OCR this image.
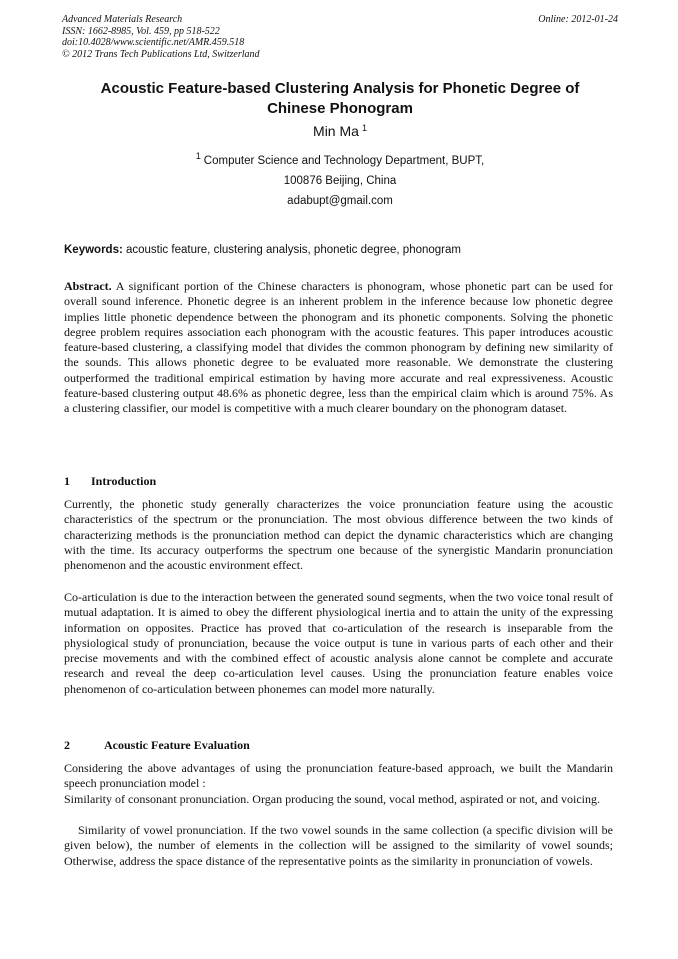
Advanced Materials Research	Online: 2012-01-24
ISSN: 1662-8985, Vol. 459, pp 518-522
doi:10.4028/www.scientific.net/AMR.459.518
© 2012 Trans Tech Publications Ltd, Switzerland
Acoustic Feature-based Clustering Analysis for Phonetic Degree of
Chinese Phonogram
Min Ma $^1$
$^1$ Computer Science and Technology Department, BUPT,
100876 Beijing, China
adabupt@gmail.com
Keywords: acoustic feature, clustering analysis, phonetic degree, phonogram
Abstract. A significant portion of the Chinese characters is phonogram, whose phonetic part can be used for overall sound inference. Phonetic degree is an inherent problem in the inference because low phonetic degree implies little phonetic dependence between the phonogram and its phonetic components. Solving the phonetic degree problem requires association each phonogram with the acoustic features. This paper introduces acoustic feature-based clustering, a classifying model that divides the common phonogram by defining new similarity of the sounds. This allows phonetic degree to be evaluated more reasonable. We demonstrate the clustering outperformed the traditional empirical estimation by having more accurate and real expressiveness. Acoustic feature-based clustering output 48.6% as phonetic degree, less than the empirical claim which is around 75%. As a clustering classifier, our model is competitive with a much clearer boundary on the phonogram dataset.
1 Introduction
Currently, the phonetic study generally characterizes the voice pronunciation feature using the acoustic characteristics of the spectrum or the pronunciation. The most obvious difference between the two kinds of characterizing methods is the pronunciation method can depict the dynamic characteristics which are changing with the time. Its accuracy outperforms the spectrum one because of the synergistic Mandarin pronunciation phenomenon and the acoustic environment effect.
Co-articulation is due to the interaction between the generated sound segments, when the two voice tonal result of mutual adaptation. It is aimed to obey the different physiological inertia and to attain the unity of the expressing information on opposites. Practice has proved that co-articulation of the research is inseparable from the physiological study of pronunciation, because the voice output is tune in various parts of each other and their precise movements and with the combined effect of acoustic analysis alone cannot be complete and accurate research and reveal the deep co-articulation level causes. Using the pronunciation feature enables voice phenomenon of co-articulation between phonemes can model more naturally.
2	Acoustic Feature Evaluation
Considering the above advantages of using the pronunciation feature-based approach, we built the Mandarin speech pronunciation model :
Similarity of consonant pronunciation. Organ producing the sound, vocal method, aspirated or not, and voicing.
Similarity of vowel pronunciation. If the two vowel sounds in the same collection (a specific division will be given below), the number of elements in the collection will be assigned to the similarity of vowel sounds; Otherwise, address the space distance of the representative points as the similarity in pronunciation of vowels.
